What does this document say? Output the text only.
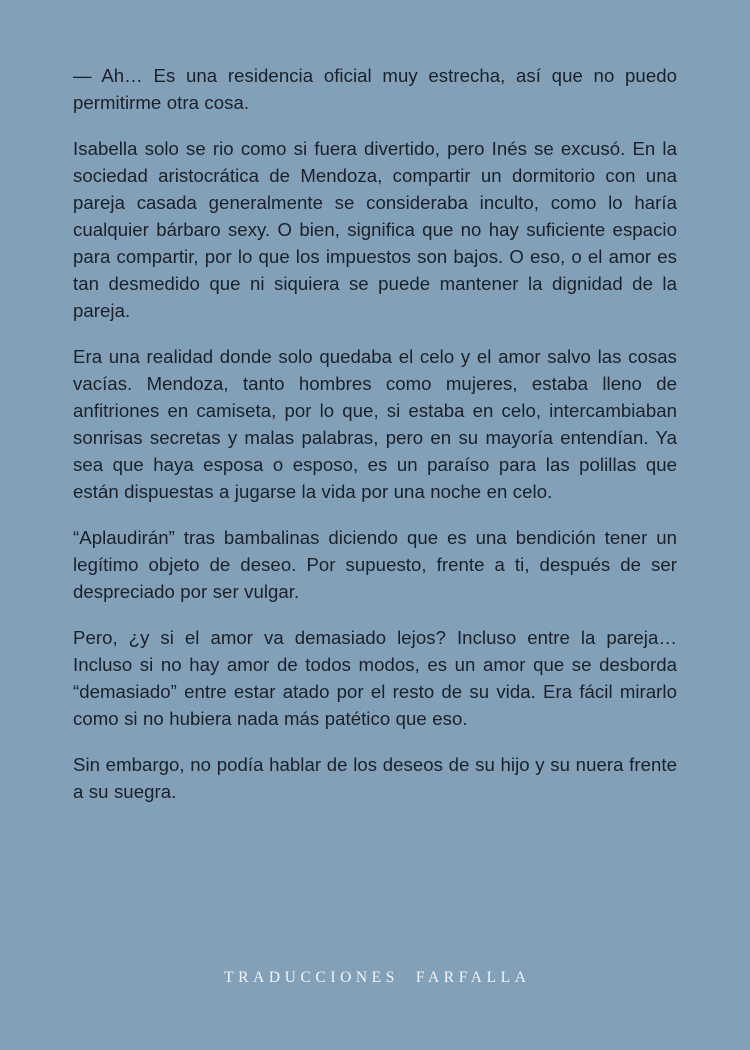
— Ah… Es una residencia oficial muy estrecha, así que no puedo permitirme otra cosa.

Isabella solo se rio como si fuera divertido, pero Inés se excusó. En la sociedad aristocrática de Mendoza, compartir un dormitorio con una pareja casada generalmente se consideraba inculto, como lo haría cualquier bárbaro sexy. O bien, significa que no hay suficiente espacio para compartir, por lo que los impuestos son bajos. O eso, o el amor es tan desmedido que ni siquiera se puede mantener la dignidad de la pareja.

Era una realidad donde solo quedaba el celo y el amor salvo las cosas vacías. Mendoza, tanto hombres como mujeres, estaba lleno de anfitriones en camiseta, por lo que, si estaba en celo, intercambiaban sonrisas secretas y malas palabras, pero en su mayoría entendían. Ya sea que haya esposa o esposo, es un paraíso para las polillas que están dispuestas a jugarse la vida por una noche en celo.

“Aplaudirán” tras bambalinas diciendo que es una bendición tener un legítimo objeto de deseo. Por supuesto, frente a ti, después de ser despreciado por ser vulgar.

Pero, ¿y si el amor va demasiado lejos? Incluso entre la pareja… Incluso si no hay amor de todos modos, es un amor que se desborda “demasiado” entre estar atado por el resto de su vida. Era fácil mirarlo como si no hubiera nada más patético que eso.

Sin embargo, no podía hablar de los deseos de su hijo y su nuera frente a su suegra.

TRADUCCIONES  FARFALLA
